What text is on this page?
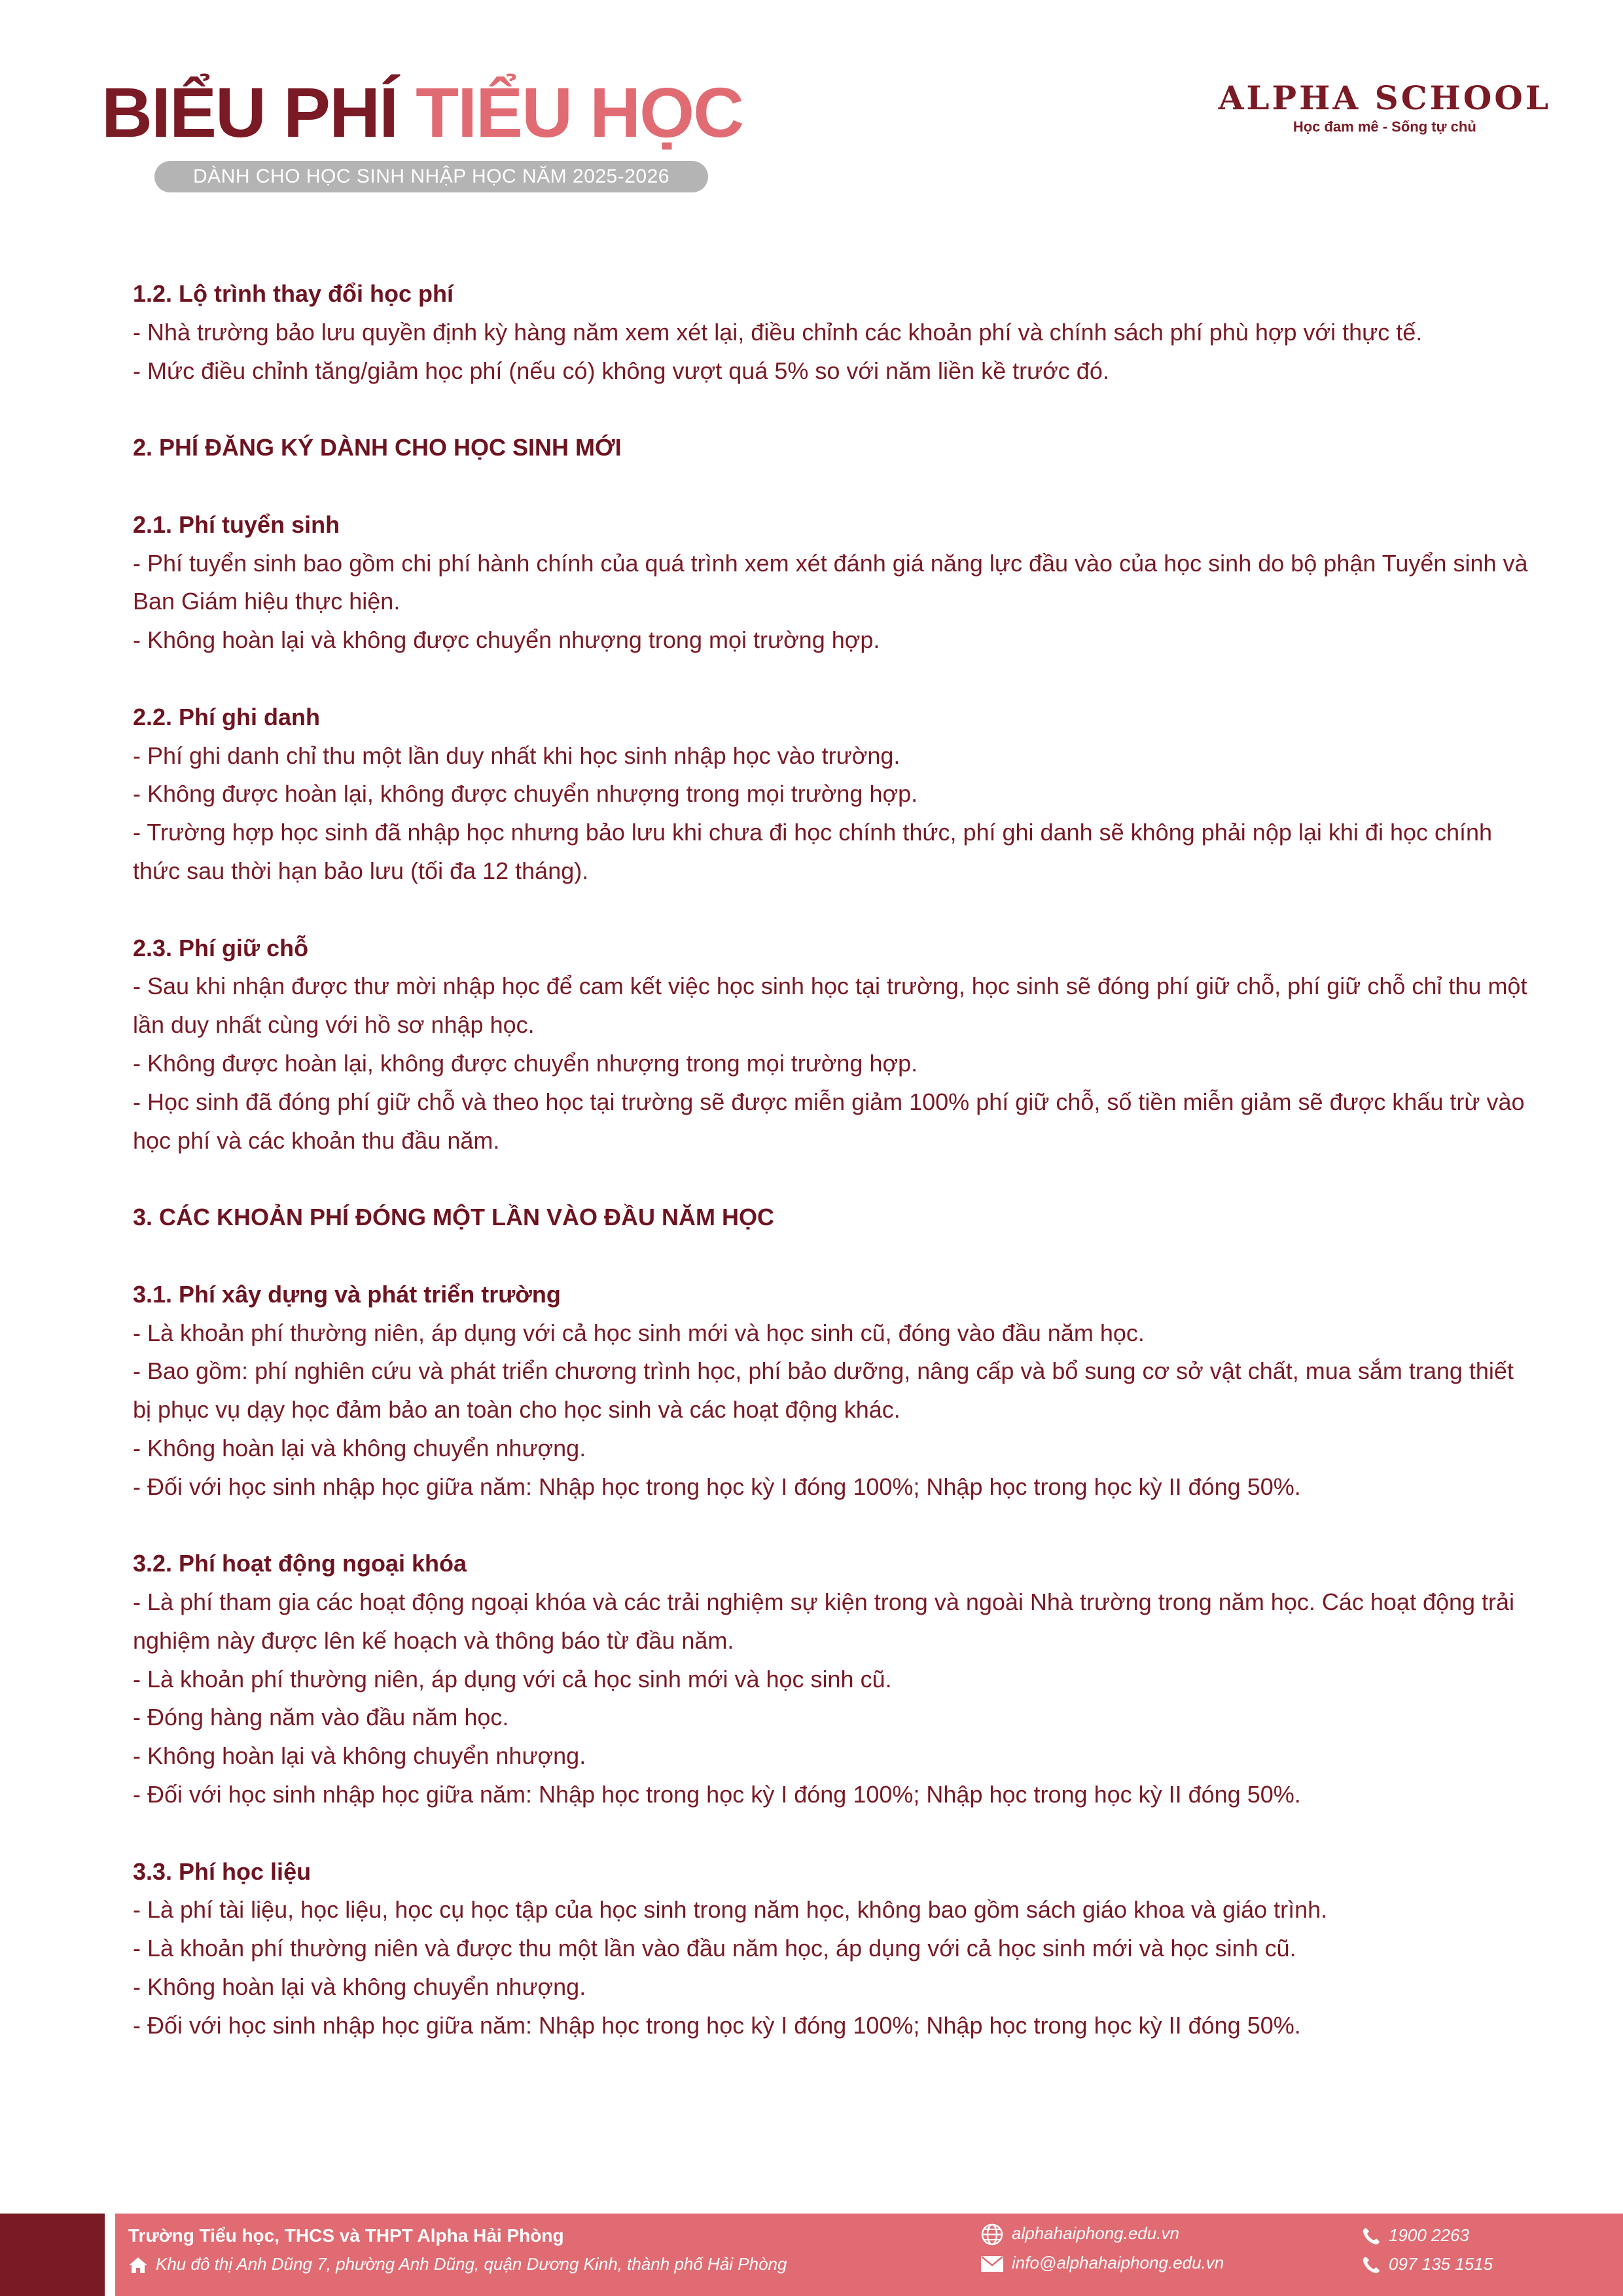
BIỂU PHÍ TIỂU HỌC
DÀNH CHO HỌC SINH NHẬP HỌC NĂM 2025-2026
ALPHA SCHOOL
Học đam mê - Sống tự chủ

1.2. Lộ trình thay đổi học phí

- Nhà trường bảo lưu quyền định kỳ hàng năm xem xét lại, điều chỉnh các khoản phí và chính sách phí phù hợp với thực tế.

- Mức điều chỉnh tăng/giảm học phí (nếu có) không vượt quá 5% so với năm liền kề trước đó.

2. PHÍ ĐĂNG KÝ DÀNH CHO HỌC SINH MỚI

2.1. Phí tuyển sinh

- Phí tuyển sinh bao gồm chi phí hành chính của quá trình xem xét đánh giá năng lực đầu vào của học sinh do bộ phận Tuyển sinh và Ban Giám hiệu thực hiện.

- Không hoàn lại và không được chuyển nhượng trong mọi trường hợp.

2.2. Phí ghi danh

- Phí ghi danh chỉ thu một lần duy nhất khi học sinh nhập học vào trường.

- Không được hoàn lại, không được chuyển nhượng trong mọi trường hợp.

- Trường hợp học sinh đã nhập học nhưng bảo lưu khi chưa đi học chính thức, phí ghi danh sẽ không phải nộp lại khi đi học chính thức sau thời hạn bảo lưu (tối đa 12 tháng).

2.3. Phí giữ chỗ

- Sau khi nhận được thư mời nhập học để cam kết việc học sinh học tại trường, học sinh sẽ đóng phí giữ chỗ, phí giữ chỗ chỉ thu một lần duy nhất cùng với hồ sơ nhập học.

- Không được hoàn lại, không được chuyển nhượng trong mọi trường hợp.

- Học sinh đã đóng phí giữ chỗ và theo học tại trường sẽ được miễn giảm 100% phí giữ chỗ, số tiền miễn giảm sẽ được khấu trừ vào học phí và các khoản thu đầu năm.

3. CÁC KHOẢN PHÍ ĐÓNG MỘT LẦN VÀO ĐẦU NĂM HỌC

3.1. Phí xây dựng và phát triển trường

- Là khoản phí thường niên, áp dụng với cả học sinh mới và học sinh cũ, đóng vào đầu năm học.

- Bao gồm: phí nghiên cứu và phát triển chương trình học, phí bảo dưỡng, nâng cấp và bổ sung cơ sở vật chất, mua sắm trang thiết bị phục vụ dạy học đảm bảo an toàn cho học sinh và các hoạt động khác.

- Không hoàn lại và không chuyển nhượng.

- Đối với học sinh nhập học giữa năm: Nhập học trong học kỳ I đóng 100%; Nhập học trong học kỳ II đóng 50%.

3.2. Phí hoạt động ngoại khóa

- Là phí tham gia các hoạt động ngoại khóa và các trải nghiệm sự kiện trong và ngoài Nhà trường trong năm học. Các hoạt động trải nghiệm này được lên kế hoạch và thông báo từ đầu năm.

- Là khoản phí thường niên, áp dụng với cả học sinh mới và học sinh cũ.

- Đóng hàng năm vào đầu năm học.

- Không hoàn lại và không chuyển nhượng.

- Đối với học sinh nhập học giữa năm: Nhập học trong học kỳ I đóng 100%; Nhập học trong học kỳ II đóng 50%.

3.3. Phí học liệu

- Là phí tài liệu, học liệu, học cụ học tập của học sinh trong năm học, không bao gồm sách giáo khoa và giáo trình.

- Là khoản phí thường niên và được thu một lần vào đầu năm học, áp dụng với cả học sinh mới và học sinh cũ.

- Không hoàn lại và không chuyển nhượng.

- Đối với học sinh nhập học giữa năm: Nhập học trong học kỳ I đóng 100%; Nhập học trong học kỳ II đóng 50%.

Trường Tiểu học, THCS và THPT Alpha Hải Phòng
Khu đô thị Anh Dũng 7, phường Anh Dũng, quận Dương Kinh, thành phố Hải Phòng
alphahaiphong.edu.vn
info@alphahaiphong.edu.vn
1900 2263
097 135 1515
